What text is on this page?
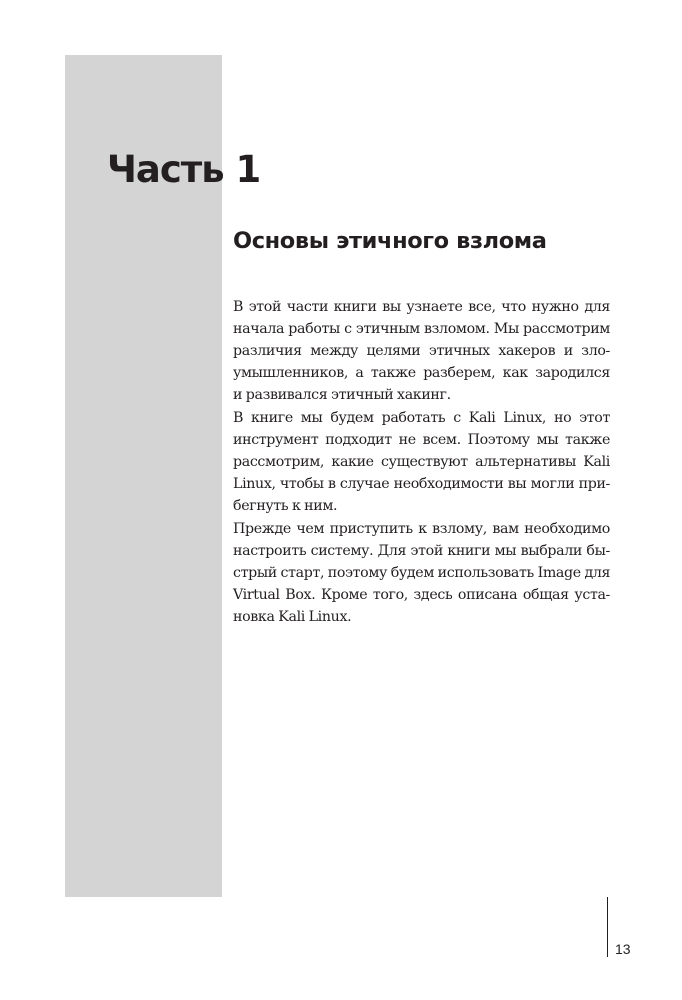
Часть 1
Основы этичного взлома

В этой части книги вы узнаете все, что нужно для
начала работы с этичным взломом. Мы рассмотрим
различия между целями этичных хакеров и зло-
умышленников, а также разберем, как зародился
и развивался этичный хакинг.

В книге мы будем работать с Kali Linux, но этот
инструмент подходит не всем. Поэтому мы также
рассмотрим, какие существуют альтернативы Kali
Linux, чтобы в случае необходимости вы могли при-
бегнуть к ним.

Прежде чем приступить к взлому, вам необходимо
настроить систему. Для этой книги мы выбрали бы-
стрый старт, поэтому будем использовать Image для
Virtual Box. Кроме того, здесь описана общая уста-
новка Kali Linux.

13
